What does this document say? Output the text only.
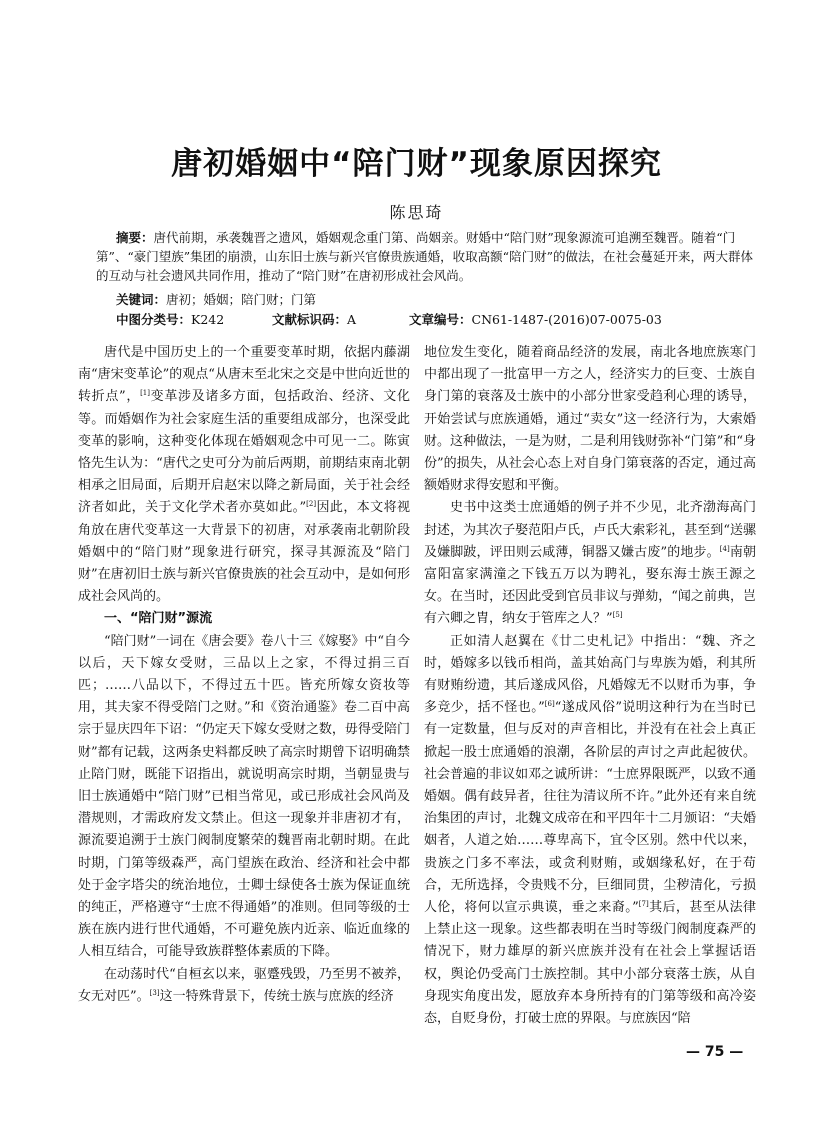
唐初婚姻中“陪门财”现象原因探究
陈思琦
摘要：唐代前期，承袭魏晋之遗风，婚姻观念重门第、尚姻亲。财婚中“陪门财”现象源流可追溯至魏晋。随着“门第”、“豪门望族”集团的崩溃，山东旧士族与新兴官僚贵族通婚，收取高额“陪门财”的做法，在社会蔓延开来，两大群体的互动与社会遗风共同作用，推动了“陪门财”在唐初形成社会风尚。
关键词：唐初；婚姻；陪门财；门第
中图分类号：K242	文献标识码：A	文章编号：CN61-1487-(2016)07-0075-03

唐代是中国历史上的一个重要变革时期，依据内藤湖南“唐宋变革论”的观点“从唐末至北宋之交是中世向近世的转折点”，[1]变革涉及诸多方面，包括政治、经济、文化等。而婚姻作为社会家庭生活的重要组成部分，也深受此变革的影响，这种变化体现在婚姻观念中可见一二。陈寅恪先生认为：“唐代之史可分为前后两期，前期结束南北朝相承之旧局面，后期开启赵宋以降之新局面，关于社会经济者如此，关于文化学术者亦莫如此。”[2]因此，本文将视角放在唐代变革这一大背景下的初唐，对承袭南北朝阶段婚姻中的“陪门财”现象进行研究，探寻其源流及“陪门财”在唐初旧士族与新兴官僚贵族的社会互动中，是如何形成社会风尚的。

一、“陪门财”源流

“陪门财”一词在《唐会要》卷八十三《嫁娶》中“自今以后，天下嫁女受财，三品以上之家，不得过捐三百匹；……八品以下，不得过五十匹。皆充所嫁女资妆等用，其夫家不得受陪门之财。”和《资治通鉴》卷二百中高宗于显庆四年下诏：“仍定天下嫁女受财之数，毋得受陪门财”都有记载，这两条史料都反映了高宗时期曾下诏明确禁止陪门财，既能下诏指出，就说明高宗时期，当朝显贵与旧士族通婚中“陪门财”已相当常见，或已形成社会风尚及潜规则，才需政府发文禁止。但这一现象并非唐初才有，源流要追溯于士族门阀制度繁荣的魏晋南北朝时期。在此时期，门第等级森严，高门望族在政治、经济和社会中都处于金字塔尖的统治地位，士卿士绿使各士族为保证血统的纯正，严格遵守“士庶不得通婚”的准则。但同等级的士族在族内进行世代通婚，不可避免族内近亲、临近血缘的人相互结合，可能导致族群整体素质的下降。

在动荡时代“自桓玄以来，驱蹙残毁，乃至男不被养，女无对匹”。[3]这一特殊背景下，传统士族与庶族的经济

地位发生变化，随着商品经济的发展，南北各地庶族寒门中都出现了一批富甲一方之人，经济实力的巨变、士族自身门第的衰落及士族中的小部分世家受趋利心理的诱导，开始尝试与庶族通婚，通过“卖女”这一经济行为，大索婚财。这种做法，一是为财，二是利用钱财弥补“门第”和“身份”的损失，从社会心态上对自身门第衰落的否定，通过高额婚财求得安慰和平衡。

史书中这类士庶通婚的例子并不少见，北齐渤海高门封述，为其次子娶范阳卢氏，卢氏大索彩礼，甚至到“送骡及嫌脚跛，评田则云咸薄，铜器又嫌古废”的地步。[4]南朝富阳富家满潼之下钱五万以为聘礼，娶东海士族王源之女。在当时，还因此受到官员非议与弹劾，“闻之前典，岂有六卿之胄，纳女于管库之人？”[5]

正如清人赵翼在《廿二史札记》中指出：“魏、齐之时，婚嫁多以钱币相尚，盖其始高门与卑族为婚，利其所有财贿纷遗，其后遂成风俗，凡婚嫁无不以财币为事，争多竞少，括不怪也。”[6]“遂成风俗”说明这种行为在当时已有一定数量，但与反对的声音相比，并没有在社会上真正掀起一股士庶通婚的浪潮，各阶层的声讨之声此起彼伏。社会普遍的非议如邓之诚所讲：“士庶界限既严，以致不通婚姻。偶有歧异者，往往为清议所不许。”此外还有来自统治集团的声讨，北魏文成帝在和平四年十二月颁诏：“夫婚姻者，人道之始……尊卑高下，宜令区别。然中代以来，贵族之门多不率法，或贪利财贿，或姻缘私好，在于苟合，无所选择，令贵贱不分，巨细同贯，尘秽清化，亏损人伦，将何以宣示典谟，垂之来裔。”[7]其后，甚至从法律上禁止这一现象。这些都表明在当时等级门阀制度森严的情况下，财力雄厚的新兴庶族并没有在社会上掌握话语权，舆论仍受高门士族控制。其中小部分衰落士族，从自身现实角度出发，愿放弃本身所持有的门第等级和高冷姿态，自贬身份，打破士庶的界限。与庶族因“陪

— 75 —
